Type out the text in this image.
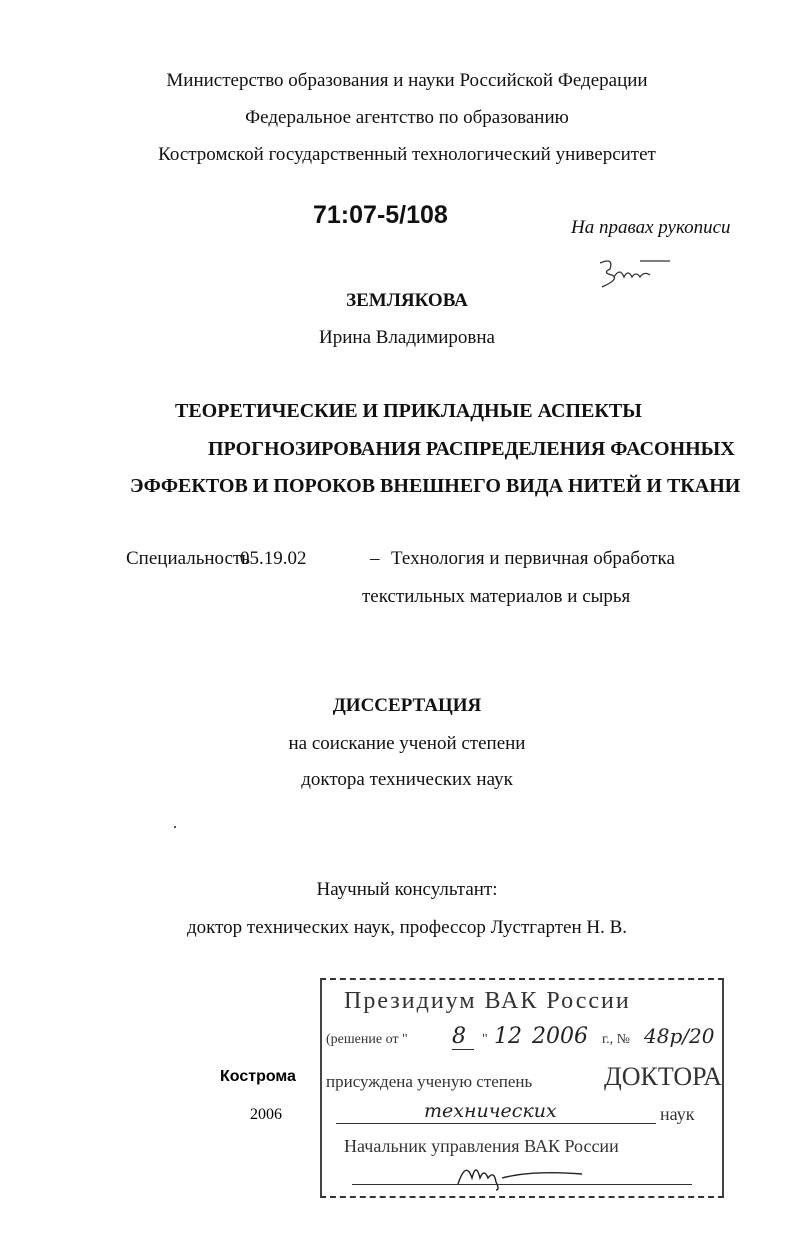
Министерство образования и науки Российской Федерации
Федеральное агентство по образованию
Костромской государственный технологический университет
71:07-5/108	На правах рукописи
ЗЕМЛЯКОВА
Ирина Владимировна
ТЕОРЕТИЧЕСКИЕ И ПРИКЛАДНЫЕ АСПЕКТЫ
ПРОГНОЗИРОВАНИЯ РАСПРЕДЕЛЕНИЯ ФАСОННЫХ
ЭФФЕКТОВ И ПОРОКОВ ВНЕШНЕГО ВИДА НИТЕЙ И ТКАНИ
Специальность
05.19.02	– Технология и первичная обработка
текстильных материалов и сырья
ДИССЕРТАЦИЯ
на соискание ученой степени
доктора технических наук
Научный консультант:
доктор технических наук, профессор Лустгартен Н. В.
Кострома
2006
Президиум ВАК России
(решение от " 8	" 12 2006 г., № 48р/20
присуждена ученую степень	ДОКТОРА
технических	наук
Начальник управления ВАК России
